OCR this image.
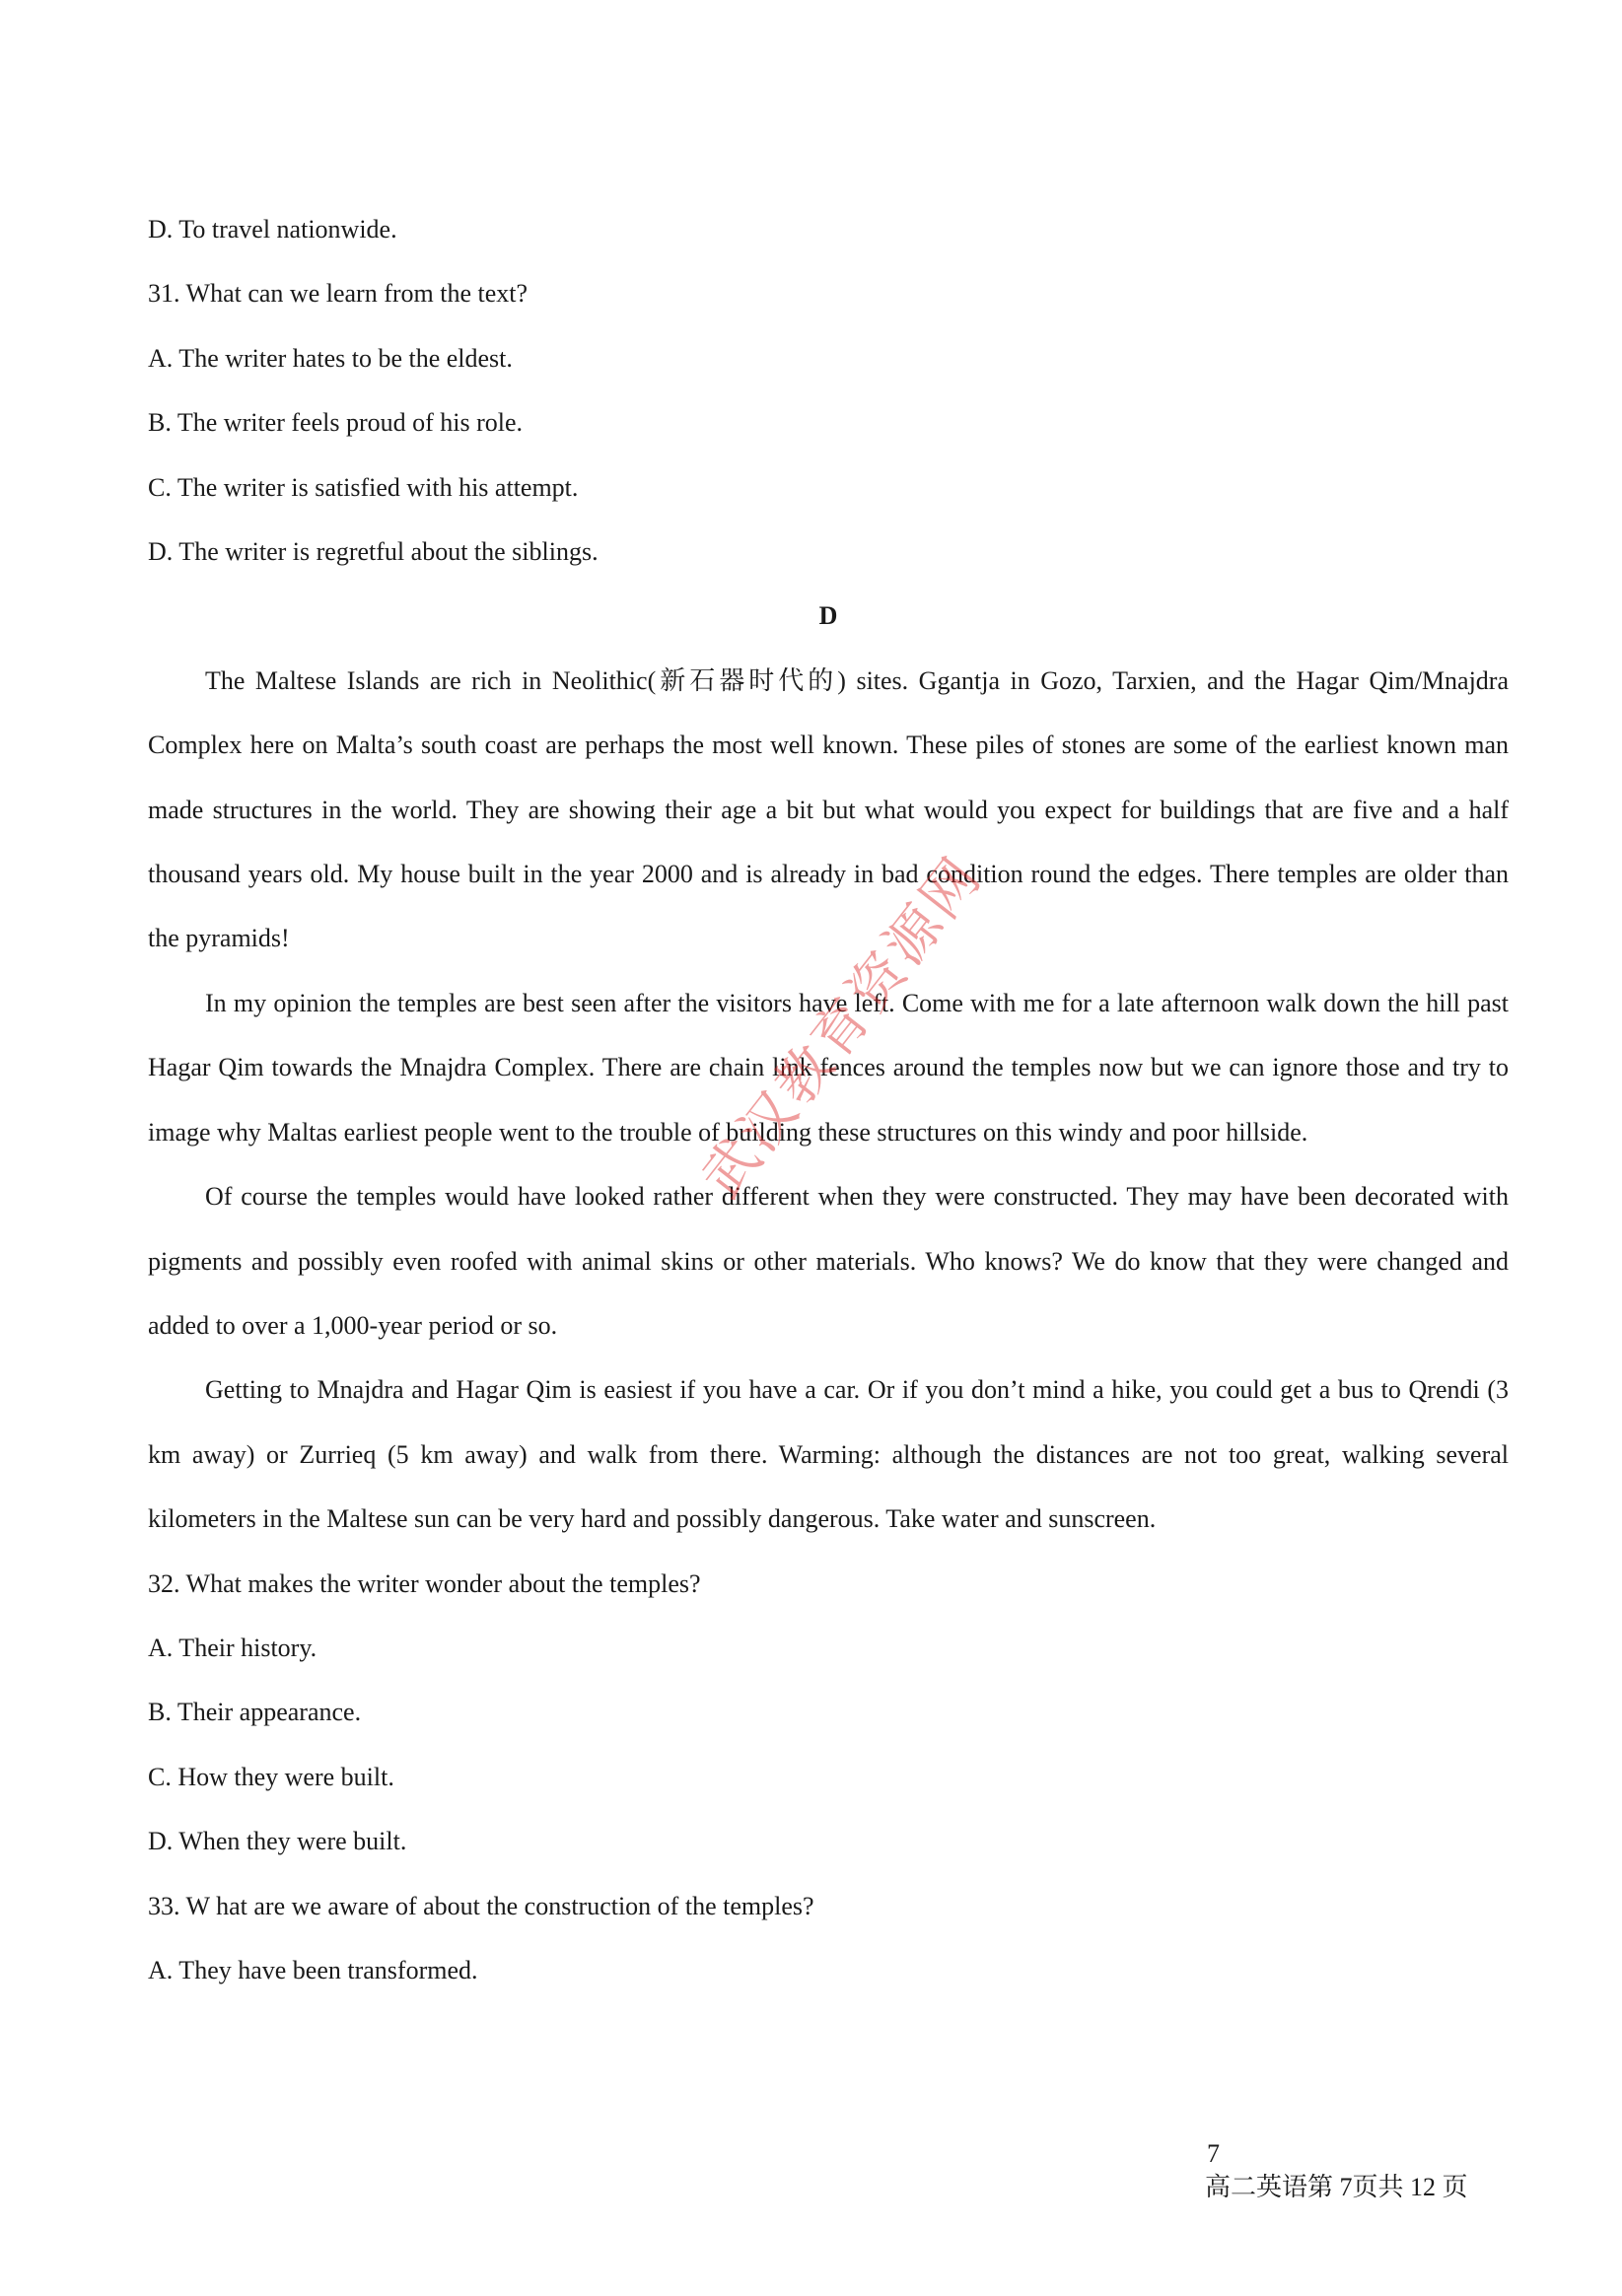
D. To travel nationwide.

31. What can we learn from the text?

A. The writer hates to be the eldest.

B. The writer feels proud of his role.

C. The writer is satisfied with his attempt.

D. The writer is regretful about the siblings.

D

The Maltese Islands are rich in Neolithic(新石器时代的) sites. Ggantja in Gozo, Tarxien, and the Hagar Qim/Mnajdra Complex here on Malta’s south coast are perhaps the most well known. These piles of stones are some of the earliest known man made structures in the world. They are showing their age a bit but what would you expect for buildings that are five and a half thousand years old. My house built in the year 2000 and is already in bad condition round the edges. There temples are older than the pyramids!

In my opinion the temples are best seen after the visitors have left. Come with me for a late afternoon walk down the hill past Hagar Qim towards the Mnajdra Complex. There are chain link fences around the temples now but we can ignore those and try to image why Maltas earliest people went to the trouble of building these structures on this windy and poor hillside.

Of course the temples would have looked rather different when they were constructed. They may have been decorated with pigments and possibly even roofed with animal skins or other materials. Who knows? We do know that they were changed and added to over a 1,000-year period or so.

Getting to Mnajdra and Hagar Qim is easiest if you have a car. Or if you don’t mind a hike, you could get a bus to Qrendi (3 km away) or Zurrieq (5 km away) and walk from there. Warming: although the distances are not too great, walking several kilometers in the Maltese sun can be very hard and possibly dangerous. Take water and sunscreen.

32. What makes the writer wonder about the temples?

A. Their history.

B. Their appearance.

C. How they were built.

D. When they were built.

33. W hat are we aware of about the construction of the temples?

A. They have been transformed.

武汉教育资源网
7
高二英语第 7页共 12 页
